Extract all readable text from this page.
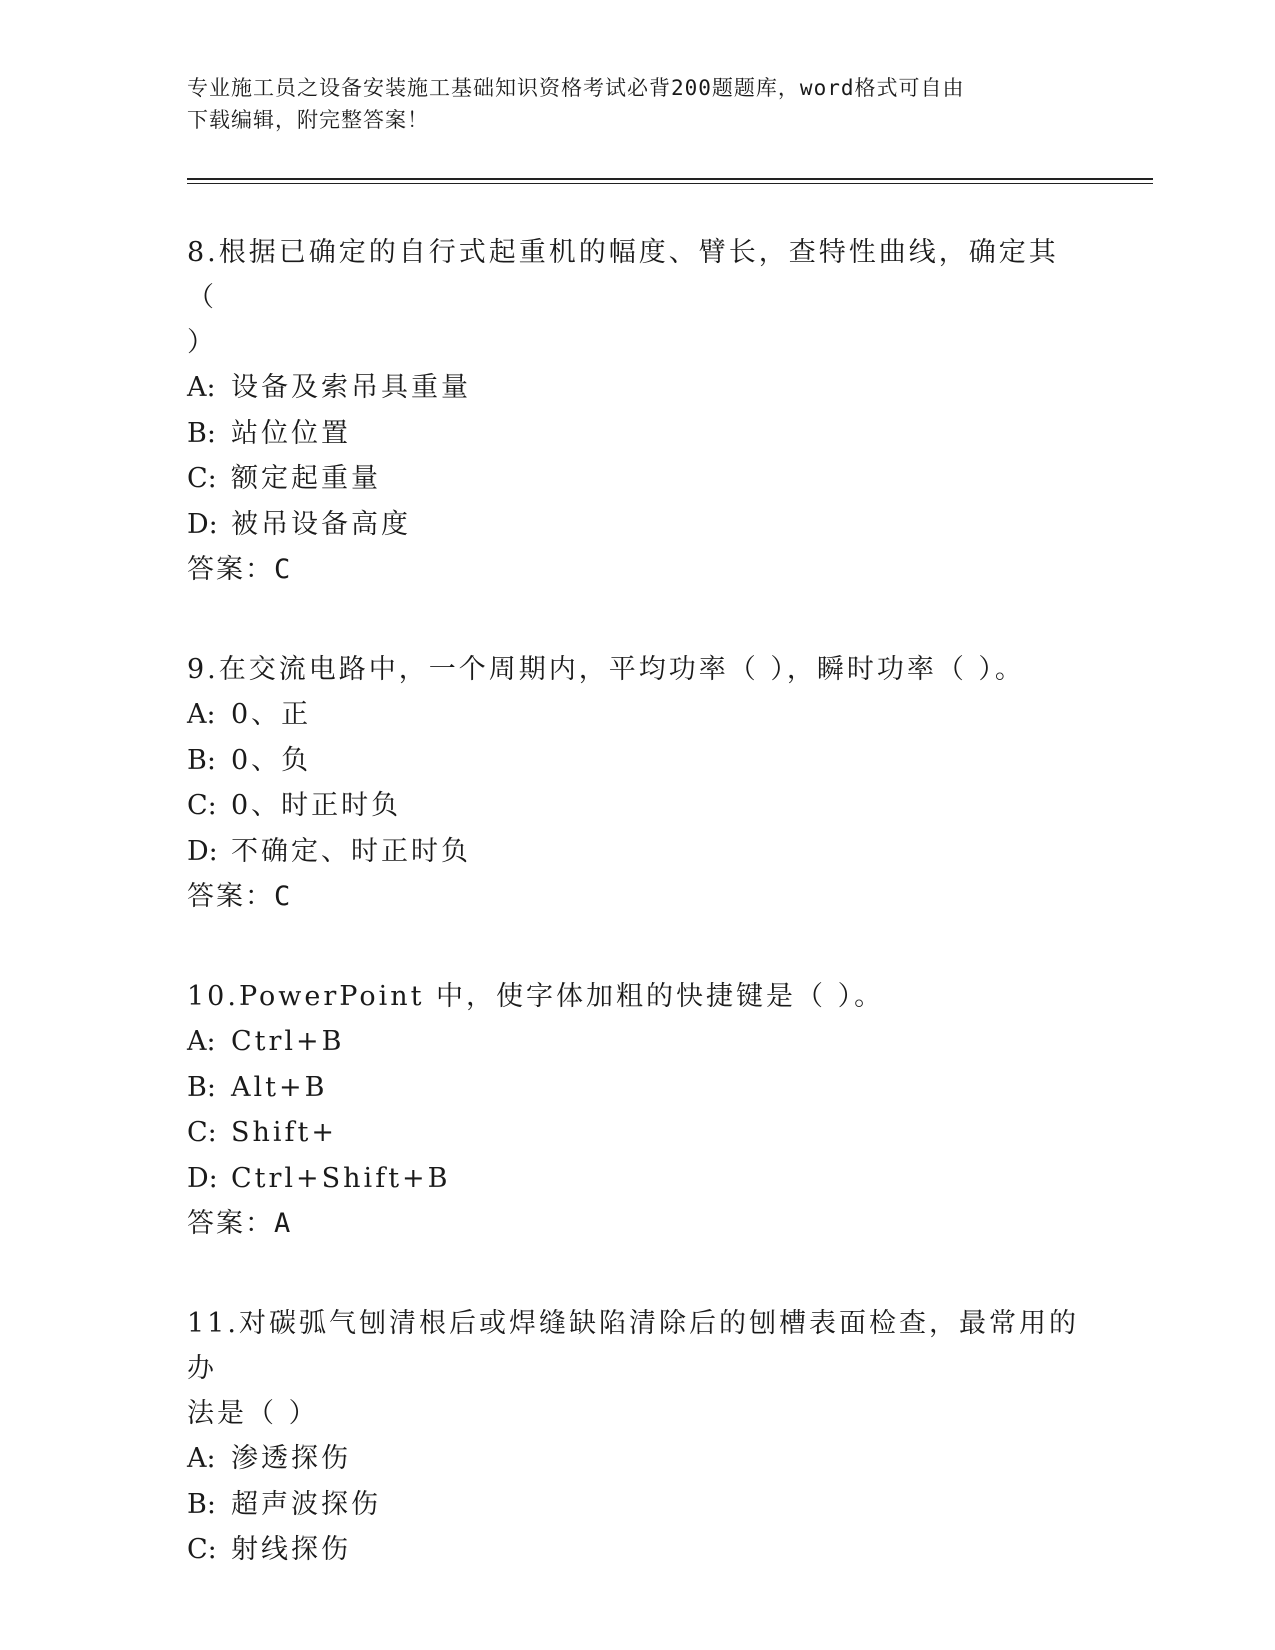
专业施工员之设备安装施工基础知识资格考试必背200题题库，word格式可自由
下载编辑，附完整答案！
8.根据已确定的自行式起重机的幅度、臂长，查特性曲线，确定其（
）
A: 设备及索吊具重量
B: 站位位置
C: 额定起重量
D: 被吊设备高度
答案：C
9.在交流电路中，一个周期内，平均功率（ ），瞬时功率（ ）。
A: 0、正
B: 0、负
C: 0、时正时负
D: 不确定、时正时负
答案：C
10.PowerPoint 中，使字体加粗的快捷键是（ ）。
A: Ctrl+B
B: Alt+B
C: Shift+
D: Ctrl+Shift+B
答案：A
11.对碳弧气刨清根后或焊缝缺陷清除后的刨槽表面检查，最常用的办
法是（ ）
A: 渗透探伤
B: 超声波探伤
C: 射线探伤
